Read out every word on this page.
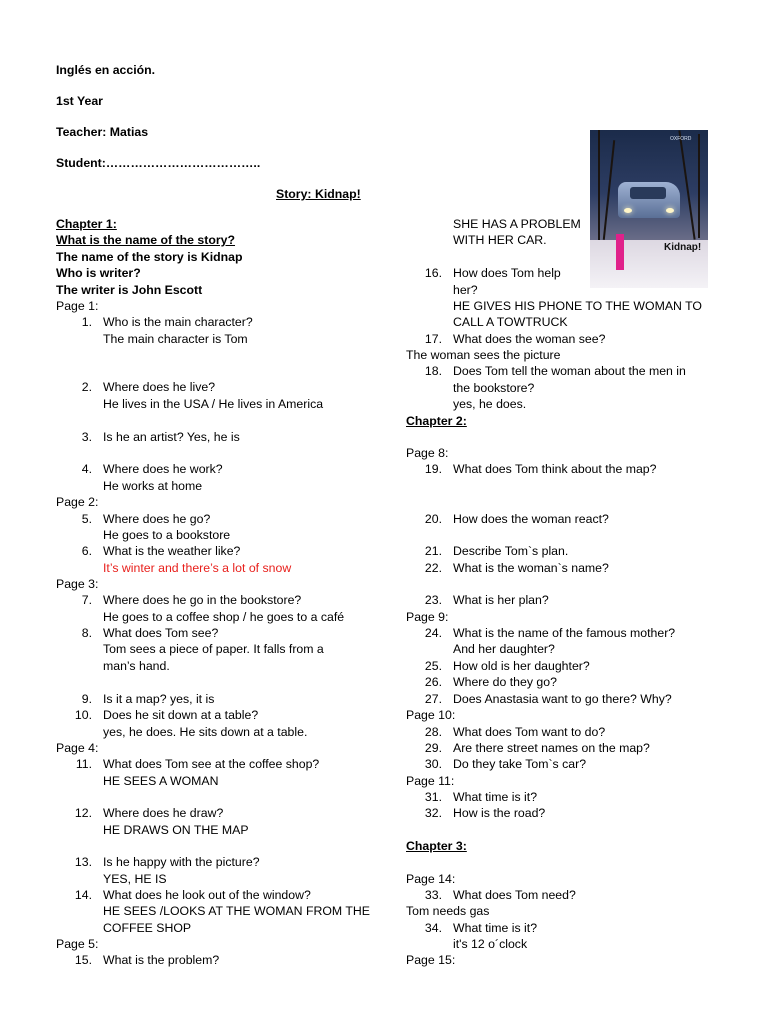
Inglés en acción.
1st Year
Teacher: Matias
Student:………………………………..
Story: Kidnap!
OXFORD
Kidnap!
Chapter 1:
What is the name of the story?
The name of the story is Kidnap
Who is writer?
The writer is John Escott
Page 1:
1. Who is the main character?
The main character is Tom
2. Where does he live?
He lives in the USA / He lives in America
3. Is he an artist? Yes, he is
4. Where does he work?
He works at home
Page 2:
5. Where does he go?
He goes to a bookstore
6. What is the weather like?
It’s winter and there’s a lot of snow
Page 3:
7. Where does he go in the bookstore?
He goes to a coffee shop / he goes to a café
8. What does Tom see?
Tom sees a piece of paper. It falls from a
man’s hand.
9. Is it a map? yes, it is
10. Does he sit down at a table?
yes, he does. He sits down at a table.
Page 4:
11. What does Tom see at the coffee shop?
HE SEES A WOMAN
12. Where does he draw?
HE DRAWS ON THE MAP
13. Is he happy with the picture?
YES, HE IS
14. What does he look out of the window?
HE SEES /LOOKS AT THE WOMAN FROM THE
COFFEE SHOP
Page 5:
15. What is the problem?
SHE HAS A PROBLEM
WITH HER CAR.
16. How does Tom help
her?
HE GIVES HIS PHONE TO THE WOMAN TO
CALL A TOWTRUCK
17. What does the woman see?
The woman sees the picture
18. Does Tom tell the woman about the men in
the bookstore?
yes, he does.
Chapter 2:
Page 8:
19. What does Tom think about the map?
20. How does the woman react?
21. Describe Tom`s plan.
22. What is the woman`s name?
23. What is her plan?
Page 9:
24. What is the name of the famous mother?
And her daughter?
25. How old is her daughter?
26. Where do they go?
27. Does Anastasia want to go there? Why?
Page 10:
28. What does Tom want to do?
29. Are there street names on the map?
30. Do they take Tom`s car?
Page 11:
31. What time is it?
32. How is the road?
Chapter 3:
Page 14:
33. What does Tom need?
Tom needs gas
34. What time is it?
it's 12 o´clock
Page 15:
